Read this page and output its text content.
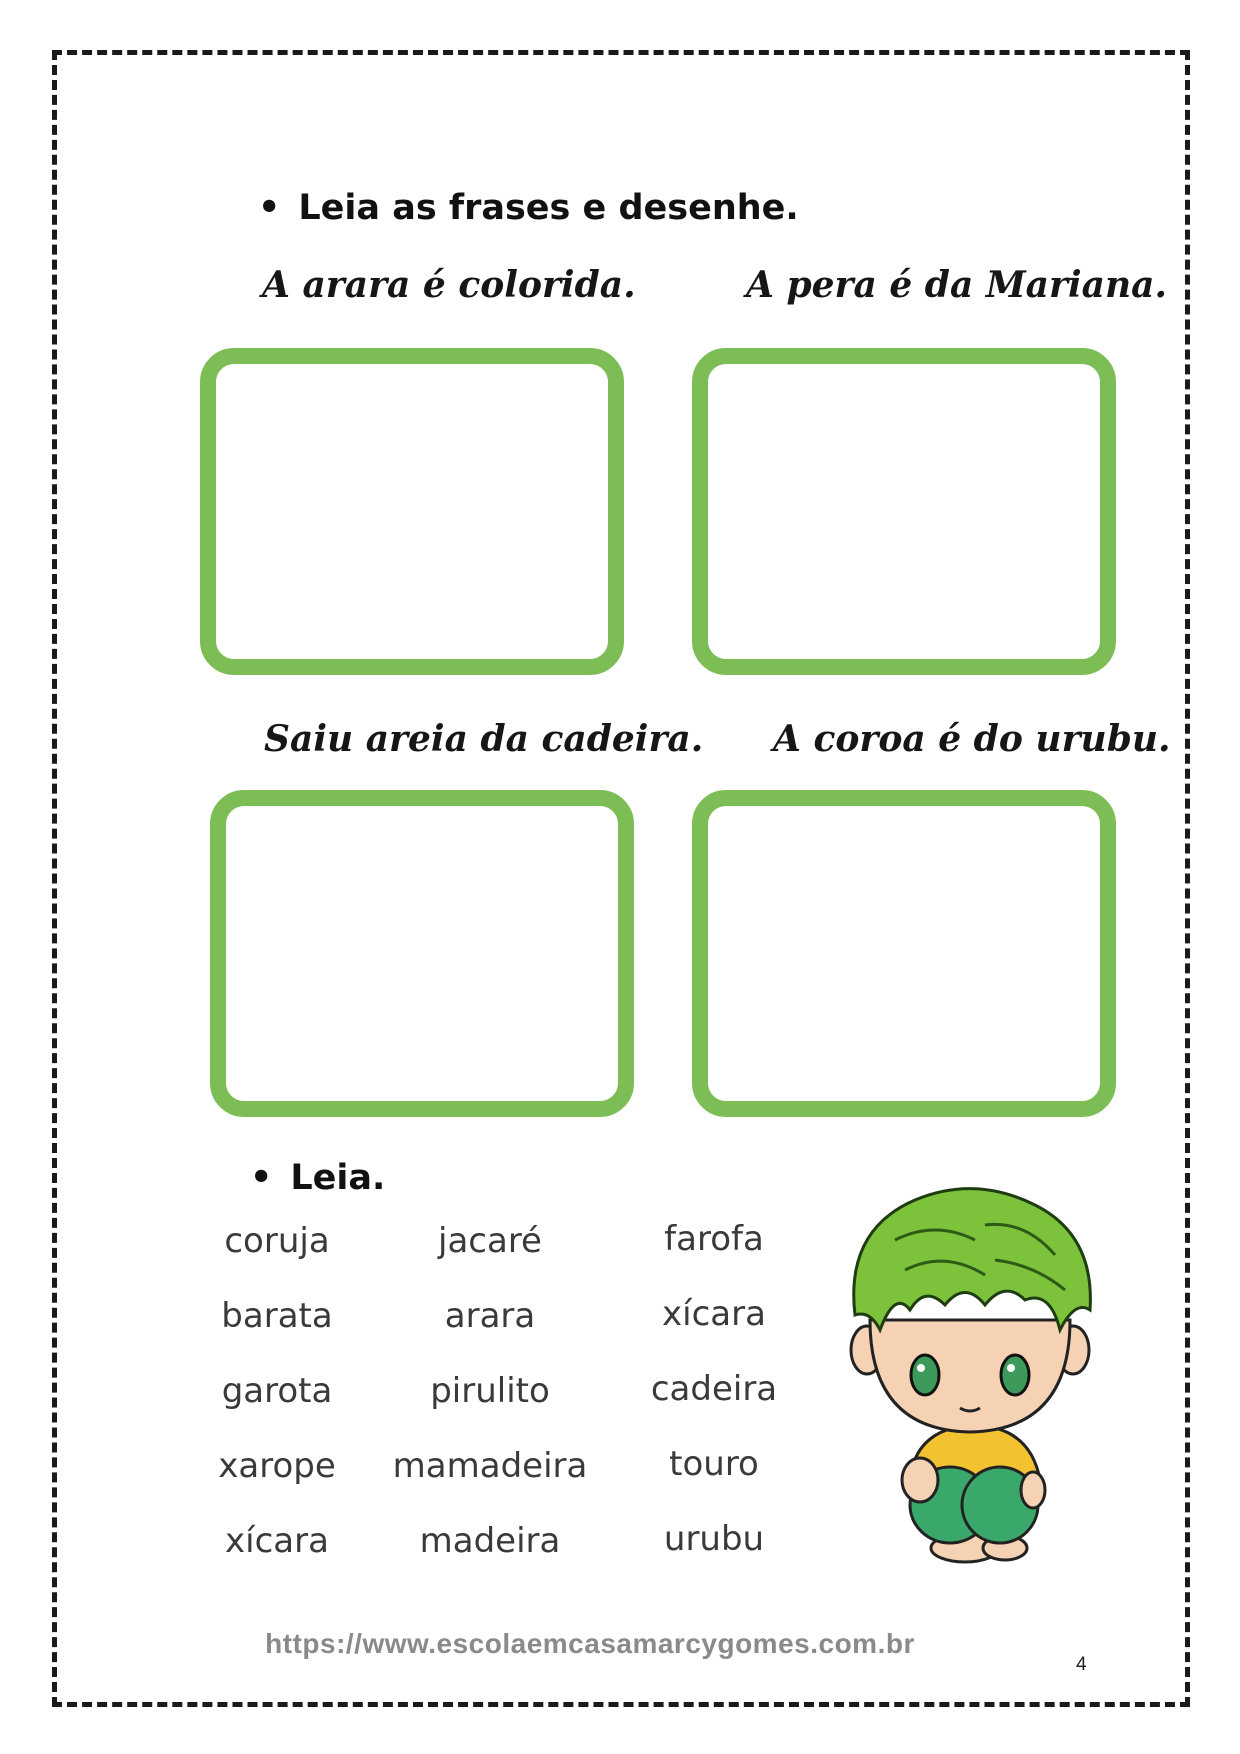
• Leia as frases e desenhe.
A arara é colorida.	A pera é da Mariana.
Saiu areia da cadeira. A coroa é do urubu.
• Leia.
coruja
barata
garota
xarope
xícara
jacaré
arara
pirulito
mamadeira
madeira
farofa
xícara
cadeira
touro
urubu
https://www.escolaemcasamarcygomes.com.br
4
